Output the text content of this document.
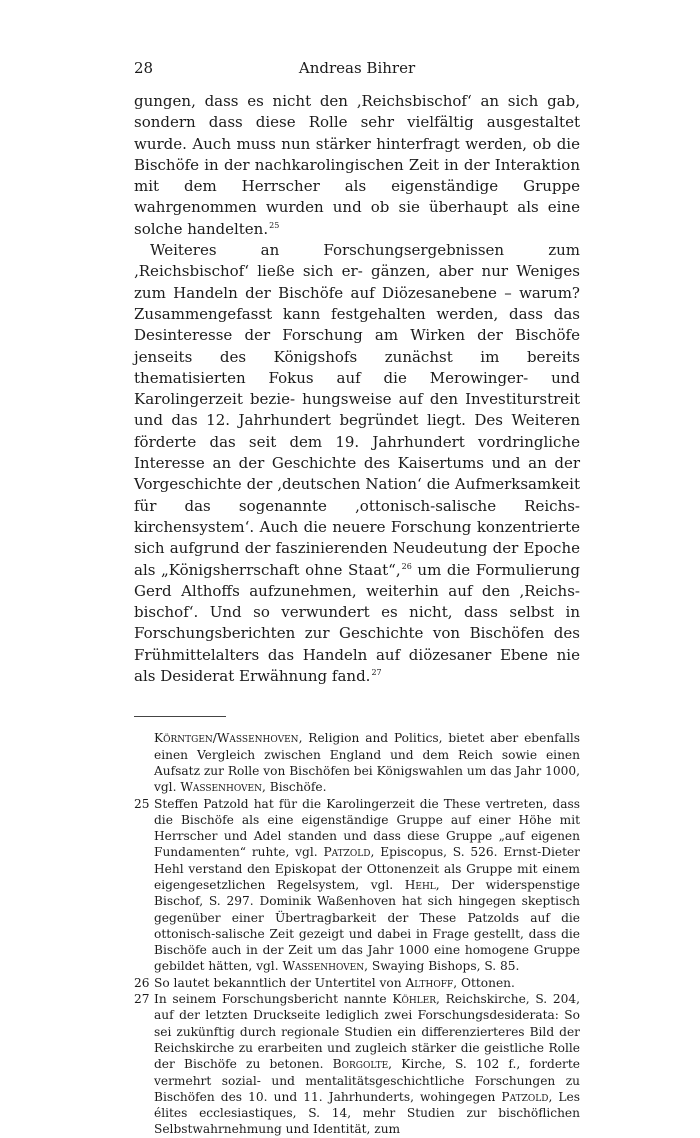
28	Andreas Bihrer

gungen, dass es nicht den ‚Reichsbischof‘ an sich gab, sondern dass diese Rolle sehr vielfältig ausgestaltet wurde. Auch muss nun stärker hinterfragt werden, ob die Bischöfe in der nachkarolingischen Zeit in der Interaktion mit dem Herrscher als eigenständige Gruppe wahrgenommen wurden und ob sie überhaupt als eine solche handelten.$^{25}$

Weiteres an Forschungsergebnissen zum ‚Reichsbischof‘ ließe sich er- gänzen, aber nur Weniges zum Handeln der Bischöfe auf Diözesanebene – warum? Zusammengefasst kann festgehalten werden, dass das Desinteresse der Forschung am Wirken der Bischöfe jenseits des Königshofs zunächst im bereits thematisierten Fokus auf die Merowinger- und Karolingerzeit bezie- hungsweise auf den Investiturstreit und das 12. Jahrhundert begründet liegt. Des Weiteren förderte das seit dem 19. Jahrhundert vordringliche Interesse an der Geschichte des Kaisertums und an der Vorgeschichte der ‚deutschen Nation‘ die Aufmerksamkeit für das sogenannte ‚ottonisch-salische Reichs- kirchensystem‘. Auch die neuere Forschung konzentrierte sich aufgrund der faszinierenden Neudeutung der Epoche als „Königsherrschaft ohne Staat“,$^{26}$ um die Formulierung Gerd Althoffs aufzunehmen, weiterhin auf den ‚Reichs- bischof‘. Und so verwundert es nicht, dass selbst in Forschungsberichten zur Geschichte von Bischöfen des Frühmittelalters das Handeln auf diözesaner Ebene nie als Desiderat Erwähnung fand.$^{27}$

Körntgen/Wassenhoven, Religion and Politics, bietet aber ebenfalls einen Vergleich zwischen England und dem Reich sowie einen Aufsatz zur Rolle von Bischöfen bei Königswahlen um das Jahr 1000, vgl. Wassenhoven, Bischöfe.
25 Steffen Patzold hat für die Karolingerzeit die These vertreten, dass die Bischöfe als eine eigenständige Gruppe auf einer Höhe mit Herrscher und Adel standen und dass diese Gruppe „auf eigenen Fundamenten“ ruhte, vgl. Patzold, Episcopus, S. 526. Ernst-Dieter Hehl verstand den Episkopat der Ottonenzeit als Gruppe mit einem eigengesetzlichen Regelsystem, vgl. Hehl, Der widerspenstige Bischof, S. 297. Dominik Waßenhoven hat sich hingegen skeptisch gegenüber einer Übertragbarkeit der These Patzolds auf die ottonisch-salische Zeit gezeigt und dabei in Frage gestellt, dass die Bischöfe auch in der Zeit um das Jahr 1000 eine homogene Gruppe gebildet hätten, vgl. Wassenhoven, Swaying Bishops, S. 85.
26 So lautet bekanntlich der Untertitel von Althoff, Ottonen.
27 In seinem Forschungsbericht nannte Köhler, Reichskirche, S. 204, auf der letzten Druckseite lediglich zwei Forschungsdesiderata: So sei zukünftig durch regionale Studien ein differenzierteres Bild der Reichskirche zu erarbeiten und zugleich stärker die geistliche Rolle der Bischöfe zu betonen. Borgolte, Kirche, S. 102 f., forderte vermehrt sozial- und mentalitätsgeschichtliche Forschungen zu Bischöfen des 10. und 11. Jahrhunderts, wohingegen Patzold, Les élites ecclesiastiques, S. 14, mehr Studien zur bischöflichen Selbstwahrnehmung und Identität, zum
